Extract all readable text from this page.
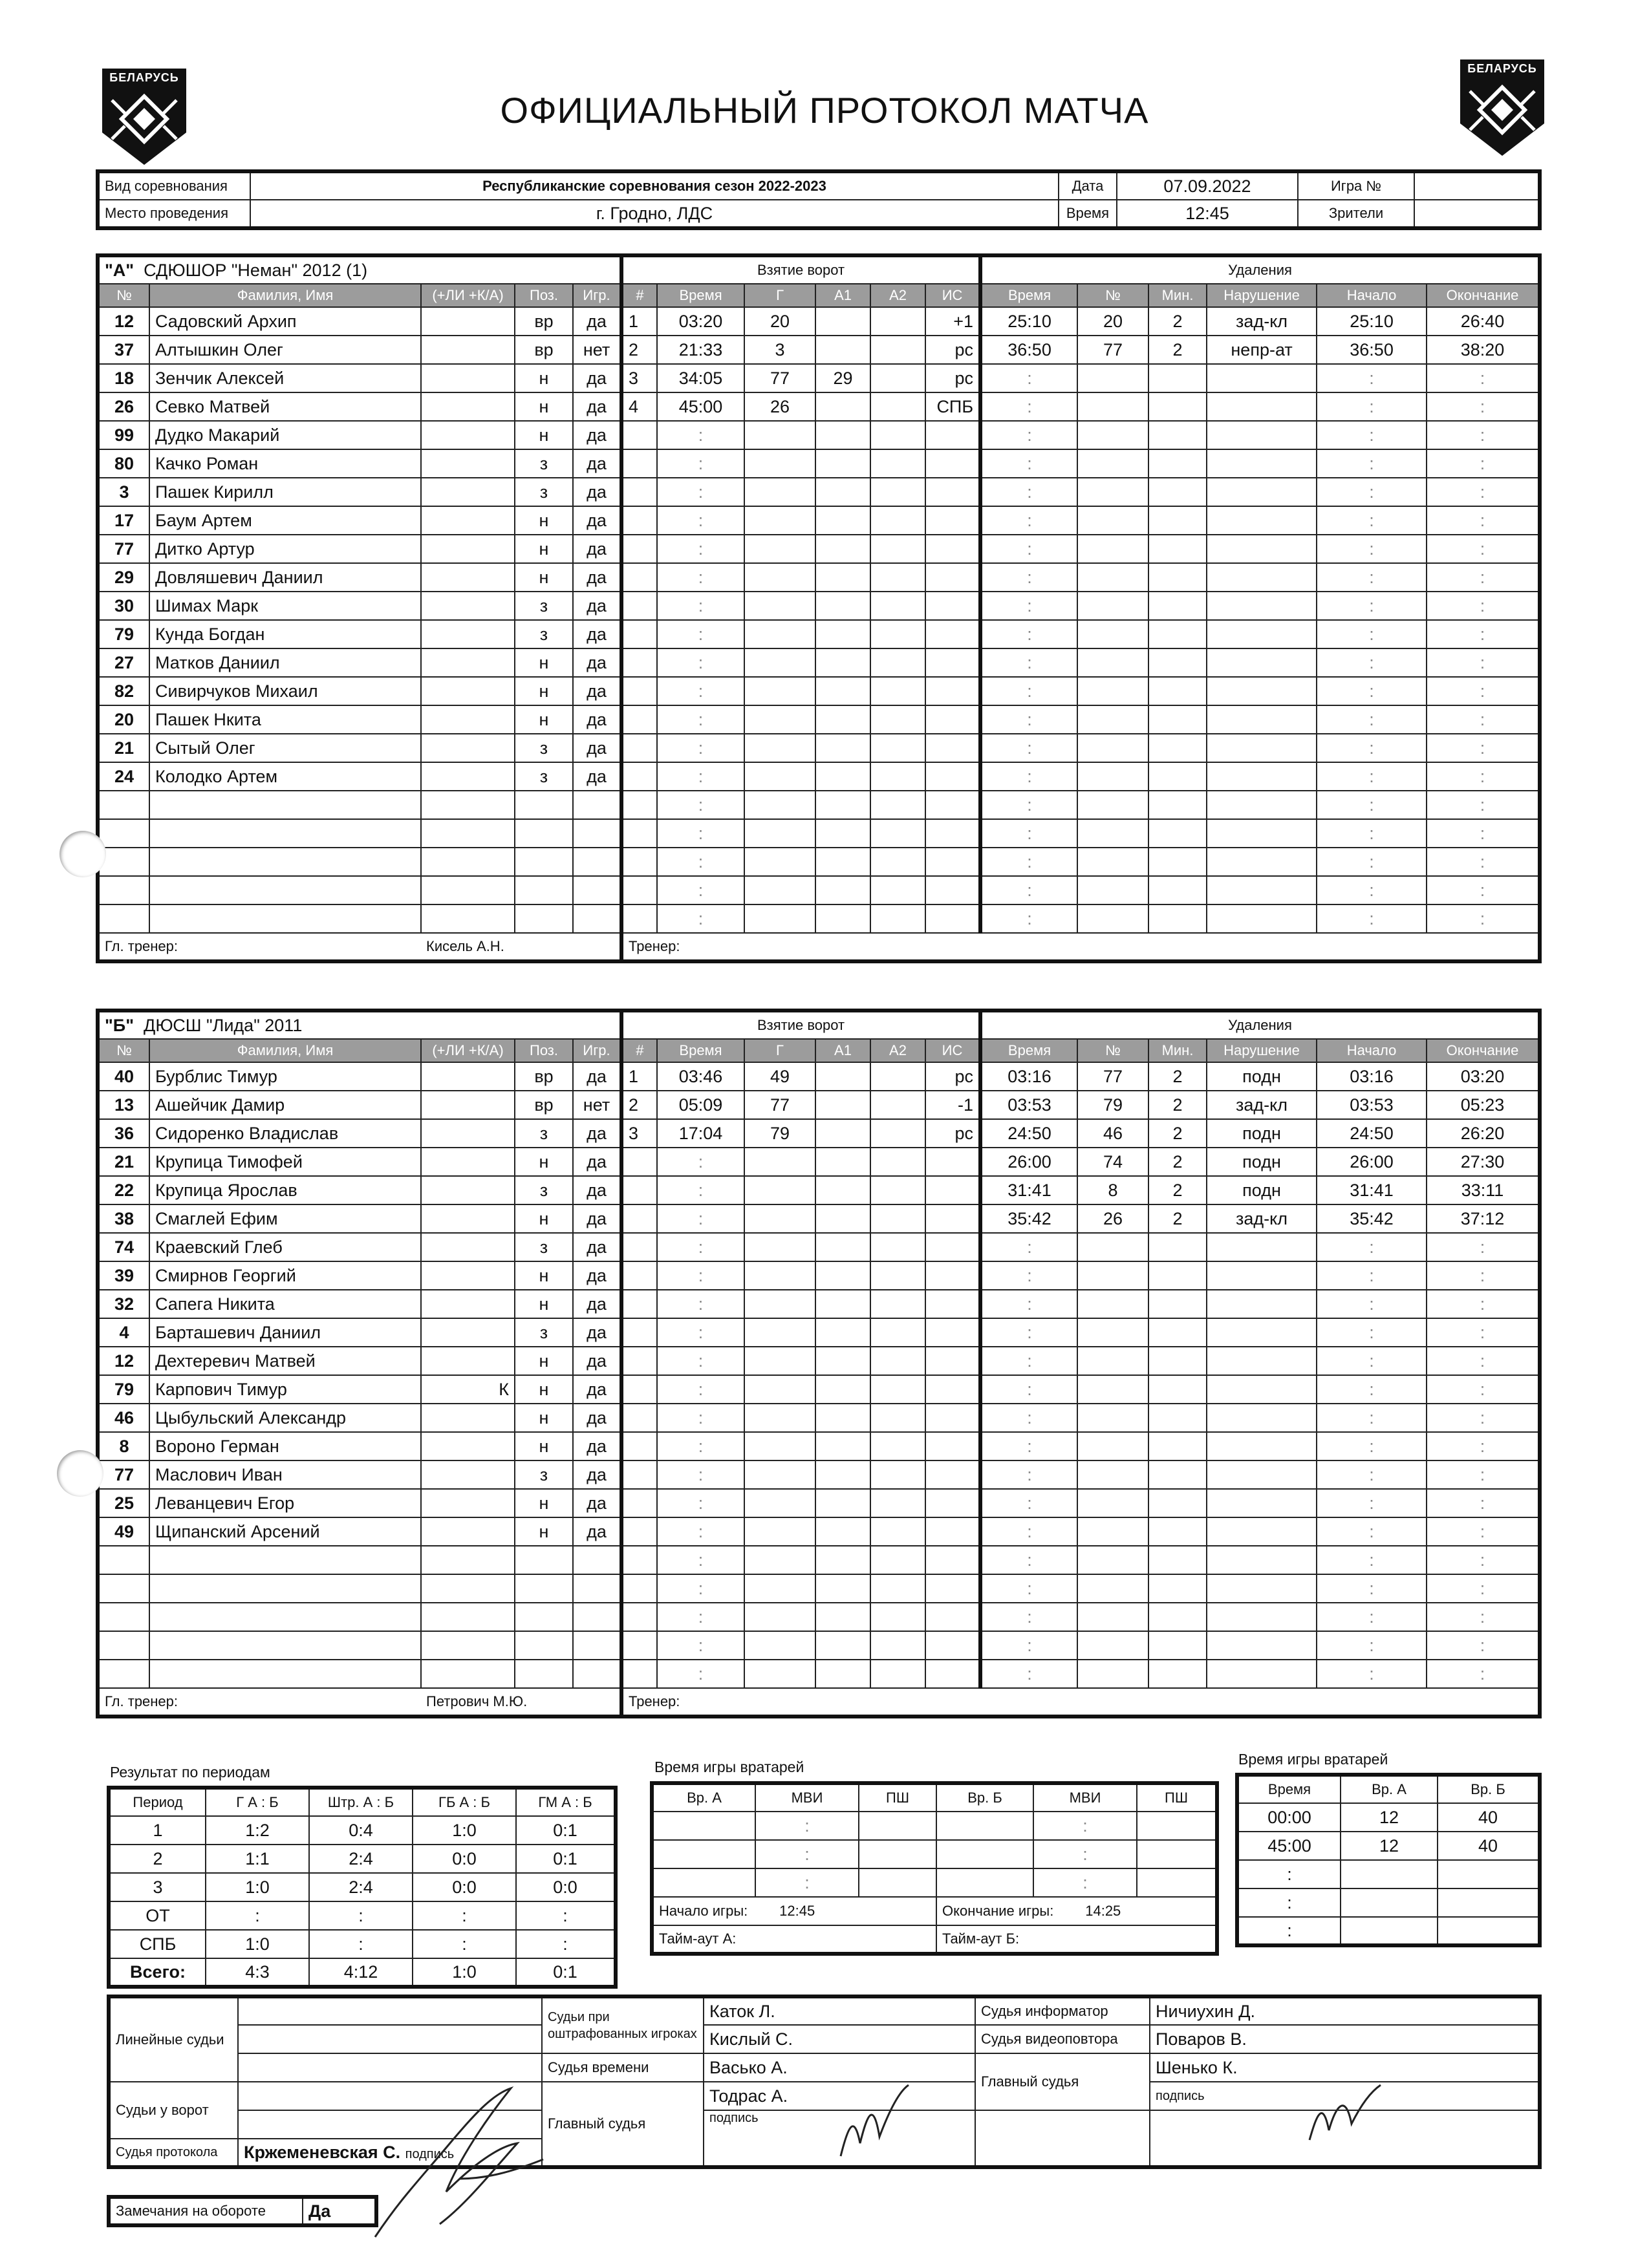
БЕЛАРУСЬ
БЕЛАРУСЬ
ОФИЦИАЛЬНЫЙ ПРОТОКОЛ МАТЧА
Вид соревнования	Республиканские соревнования сезон 2022-2023	Дата	07.09.2022	Игра №	
Место проведения	г. Гродно, ЛДС	Время	12:45	Зрители	
"А" СДЮШОР "Неман" 2012 (1)					Взятие ворот						Удаления					
№	Фамилия, Имя	(+ЛИ +К/А)	Поз.	Игр.	#	Время	Г	А1	А2	ИС	Время	№	Мин.	Нарушение	Начало	Окончание
12	Садовский Архип		вр	да	1	03:20	20			+1	25:10	20	2	зад-кл	25:10	26:40
37	Алтышкин Олег		вр	нет	2	21:33	3			рс	36:50	77	2	непр-ат	36:50	38:20
18	Зенчик Алексей		н	да	3	34:05	77	29		рс	:				:	:
26	Севко Матвей		н	да	4	45:00	26			СПБ	:				:	:
99	Дудко Макарий		н	да		:					:				:	:
80	Качко Роман		з	да		:					:				:	:
3	Пашек Кирилл		з	да		:					:				:	:
17	Баум Артем		н	да		:					:				:	:
77	Дитко Артур		н	да		:					:				:	:
29	Довляшевич Даниил		н	да		:					:				:	:
30	Шимах Марк		з	да		:					:				:	:
79	Кунда Богдан		з	да		:					:				:	:
27	Матков Даниил		н	да		:					:				:	:
82	Сивирчуков Михаил		н	да		:					:				:	:
20	Пашек Нкита		н	да		:					:				:	:
21	Сытый Олег		з	да		:					:				:	:
24	Колодко Артем		з	да		:					:				:	:
						:					:				:	:
						:					:				:	:
						:					:				:	:
						:					:				:	:
						:					:				:	:
Гл. тренер:		Кисель А.Н.			Тренер:											
"Б" ДЮСШ "Лида" 2011					Взятие ворот						Удаления					
№	Фамилия, Имя	(+ЛИ +К/А)	Поз.	Игр.	#	Время	Г	А1	А2	ИС	Время	№	Мин.	Нарушение	Начало	Окончание
40	Бурблис Тимур		вр	да	1	03:46	49			рс	03:16	77	2	подн	03:16	03:20
13	Ашейчик Дамир		вр	нет	2	05:09	77			-1	03:53	79	2	зад-кл	03:53	05:23
36	Сидоренко Владислав		з	да	3	17:04	79			рс	24:50	46	2	подн	24:50	26:20
21	Крупица Тимофей		н	да		:					26:00	74	2	подн	26:00	27:30
22	Крупица Ярослав		з	да		:					31:41	8	2	подн	31:41	33:11
38	Смаглей Ефим		н	да		:					35:42	26	2	зад-кл	35:42	37:12
74	Краевский Глеб		з	да		:					:				:	:
39	Смирнов Георгий		н	да		:					:				:	:
32	Сапега Никита		н	да		:					:				:	:
4	Барташевич Даниил		з	да		:					:				:	:
12	Дехтеревич Матвей		н	да		:					:				:	:
79	Карпович Тимур	К	н	да		:					:				:	:
46	Цыбульский Александр		н	да		:					:				:	:
8	Вороно Герман		н	да		:					:				:	:
77	Маслович Иван		з	да		:					:				:	:
25	Леванцевич Егор		н	да		:					:				:	:
49	Щипанский Арсений		н	да		:					:				:	:
						:					:				:	:
						:					:				:	:
						:					:				:	:
						:					:				:	:
						:					:				:	:
Гл. тренер:		Петрович М.Ю.			Тренер:											
Результат по периодам
Период	Г А : Б	Штр. А : Б	ГБ А : Б	ГМ А : Б
1	1:2	0:4	1:0	0:1
2	1:1	2:4	0:0	0:1
3	1:0	2:4	0:0	0:0
ОТ	:	:	:	:
СПБ	1:0	:	:	:
Всего:	4:3	4:12	1:0	0:1
Время игры вратарей
Вр. А	МВИ	ПШ	Вр. Б	МВИ	ПШ
	:			:	
	:			:	
	:			:	
Начало игры: 12:45			Окончание игры: 14:25		
Тайм-аут А:			Тайм-аут Б:		
Время игры вратарей
Время	Вр. А	Вр. Б
00:00	12	40
45:00	12	40
:		
:		
:		
Линейные судьи		Судьи при оштрафованных игроках	Каток Л.	Судья информатор	Ничиухин Д.
			Кислый С.	Судья видеоповтора	Поваров В.
		Судья времени	Васько А.	Главный судья	Шенько К.
Судьи у ворот		Главный судья	Тодрас А.		подпись
			подпись		
Судья протокола	Кржеменевская С. подпись				
Замечания на обороте	Да
